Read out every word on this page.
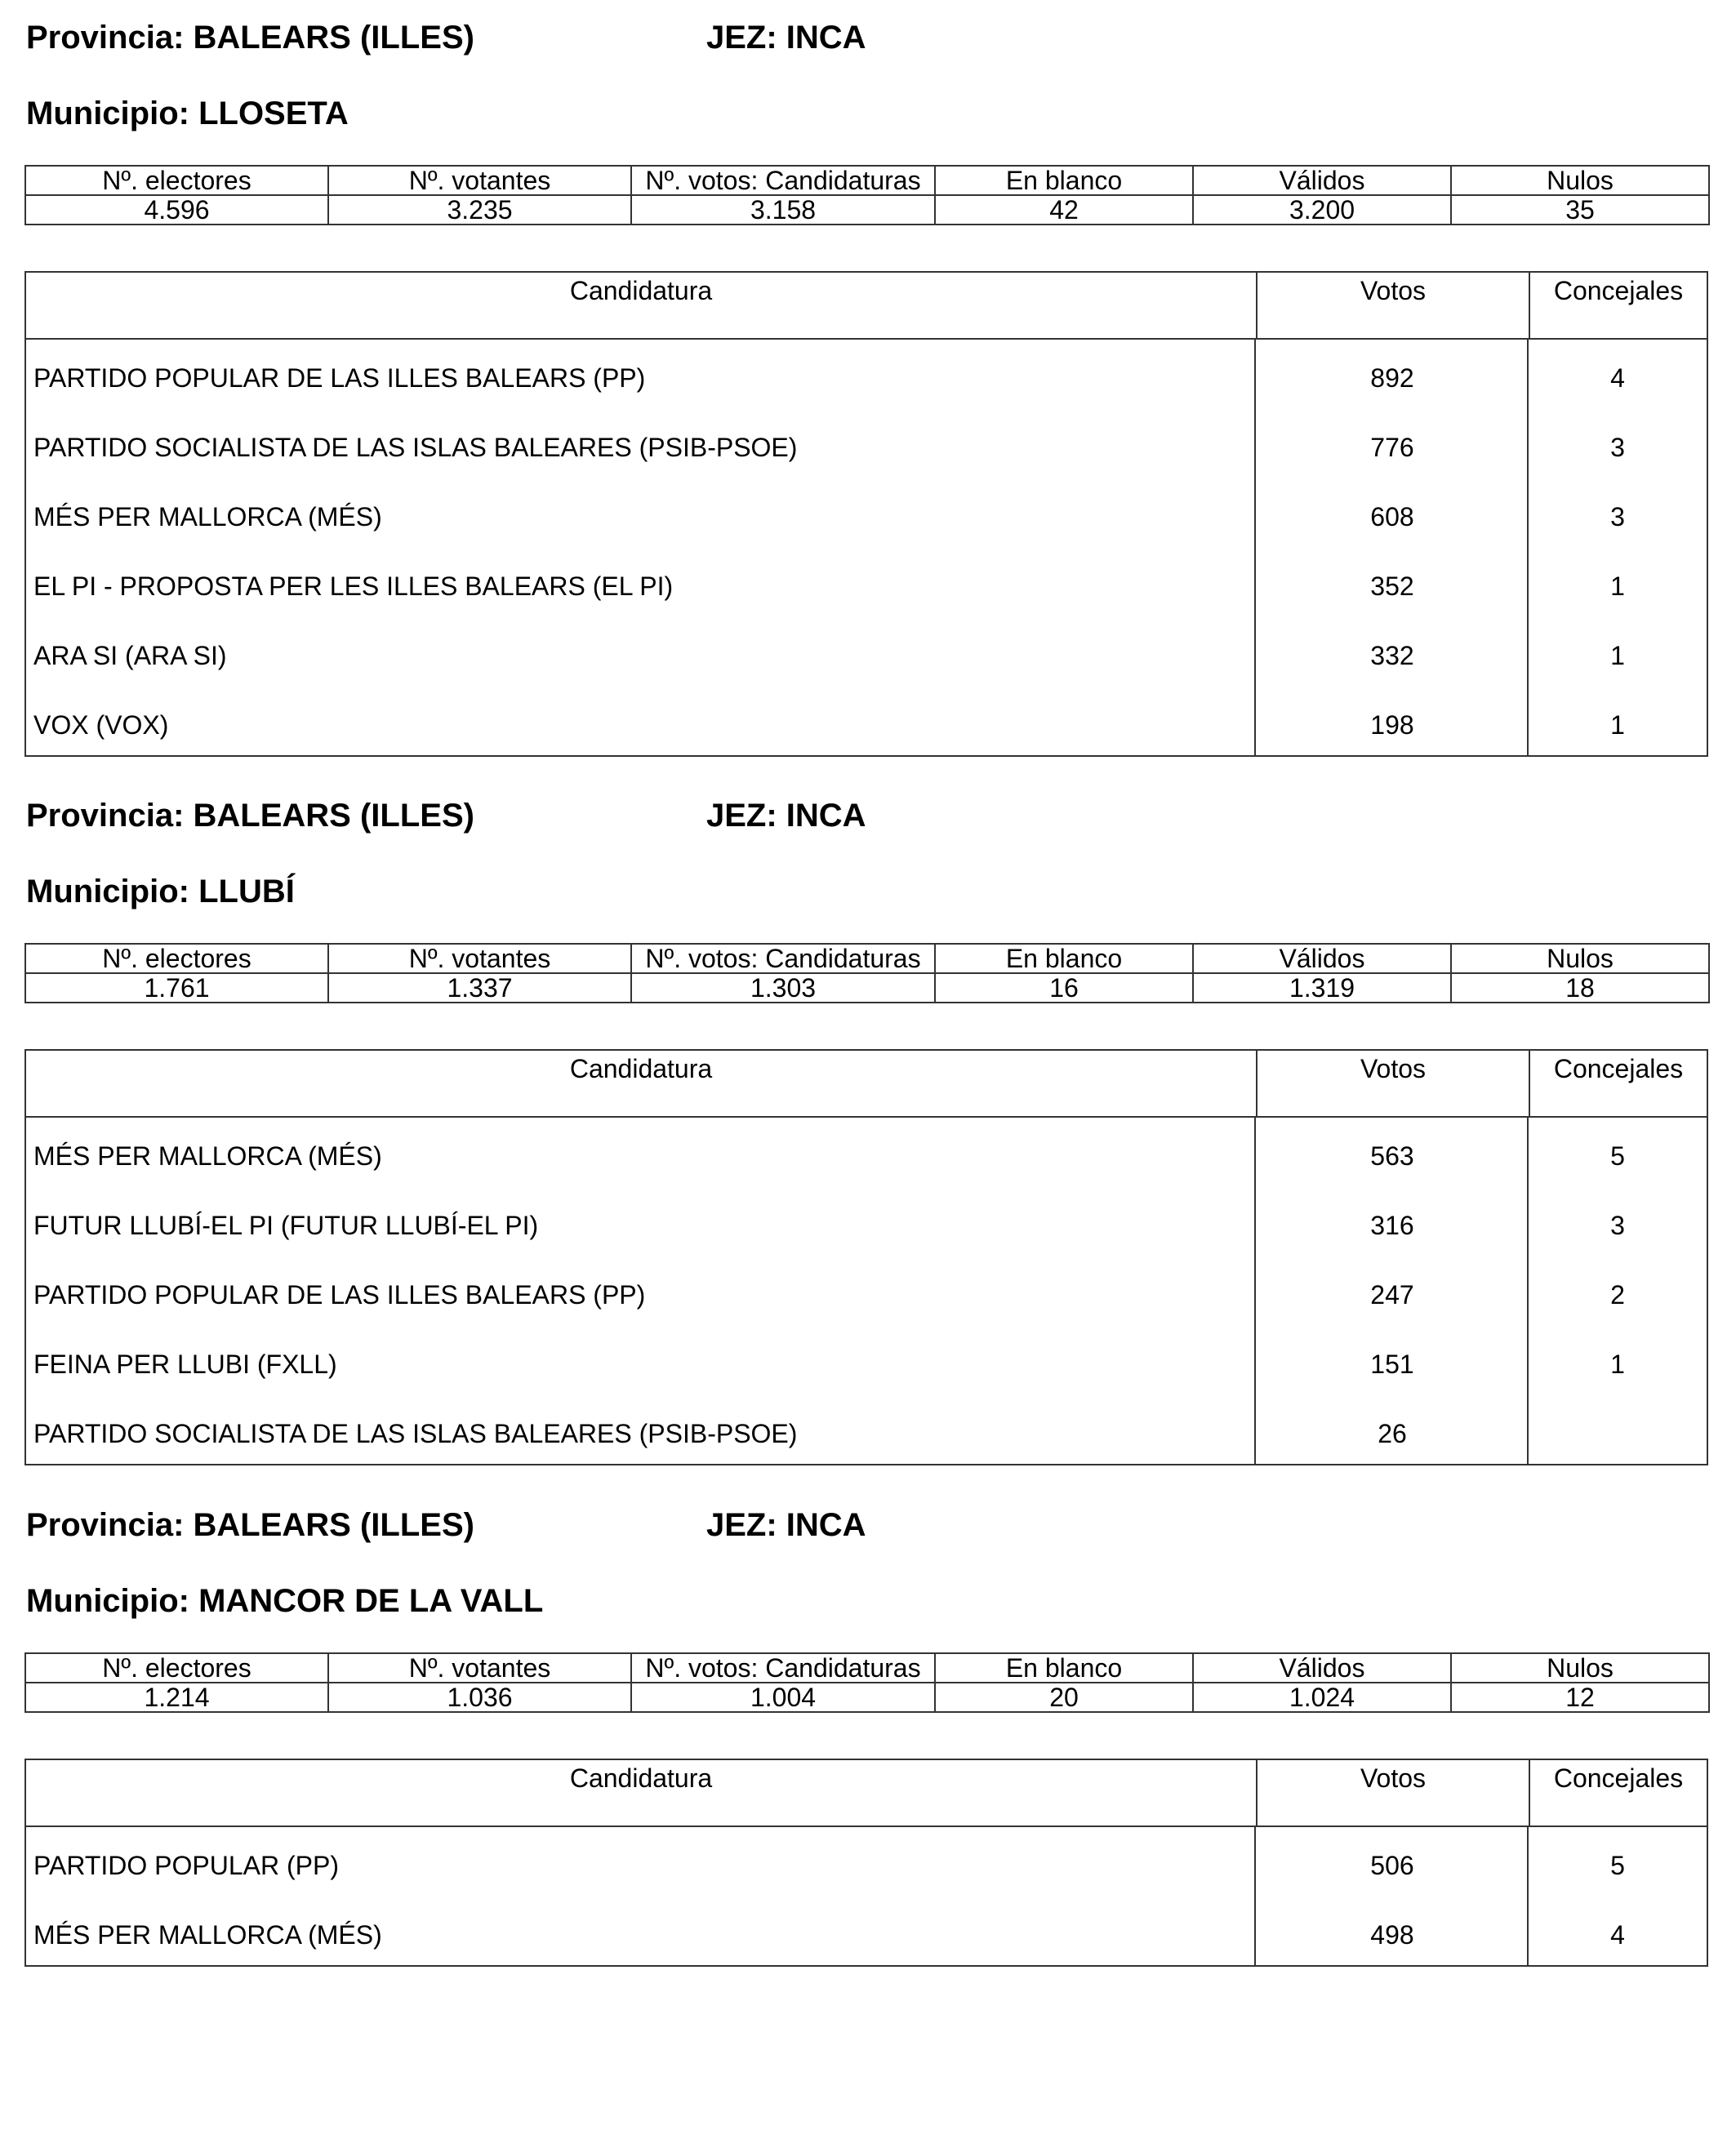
Provincia: BALEARS (ILLES)	JEZ: INCA
Municipio: LLOSETA
Nº. electores	Nº. votantes	Nº. votos: Candidaturas	En blanco	Válidos	Nulos
4.596	3.235	3.158	42	3.200	35
Candidatura	Votos	Concejales
PARTIDO POPULAR DE LAS ILLES BALEARS (PP)	892	4
PARTIDO SOCIALISTA DE LAS ISLAS BALEARES (PSIB-PSOE)	776	3
MÉS PER MALLORCA (MÉS)	608	3
EL PI - PROPOSTA PER LES ILLES BALEARS (EL PI)	352	1
ARA SI (ARA SI)	332	1
VOX (VOX)	198	1
Provincia: BALEARS (ILLES)	JEZ: INCA
Municipio: LLUBÍ
Nº. electores	Nº. votantes	Nº. votos: Candidaturas	En blanco	Válidos	Nulos
1.761	1.337	1.303	16	1.319	18
Candidatura	Votos	Concejales
MÉS PER MALLORCA (MÉS)	563	5
FUTUR LLUBÍ-EL PI (FUTUR LLUBÍ-EL PI)	316	3
PARTIDO POPULAR DE LAS ILLES BALEARS (PP)	247	2
FEINA PER LLUBI (FXLL)	151	1
PARTIDO SOCIALISTA DE LAS ISLAS BALEARES (PSIB-PSOE)	26
Provincia: BALEARS (ILLES)	JEZ: INCA
Municipio: MANCOR DE LA VALL
Nº. electores	Nº. votantes	Nº. votos: Candidaturas	En blanco	Válidos	Nulos
1.214	1.036	1.004	20	1.024	12
Candidatura	Votos	Concejales
PARTIDO POPULAR (PP)	506	5
MÉS PER MALLORCA (MÉS)	498	4
